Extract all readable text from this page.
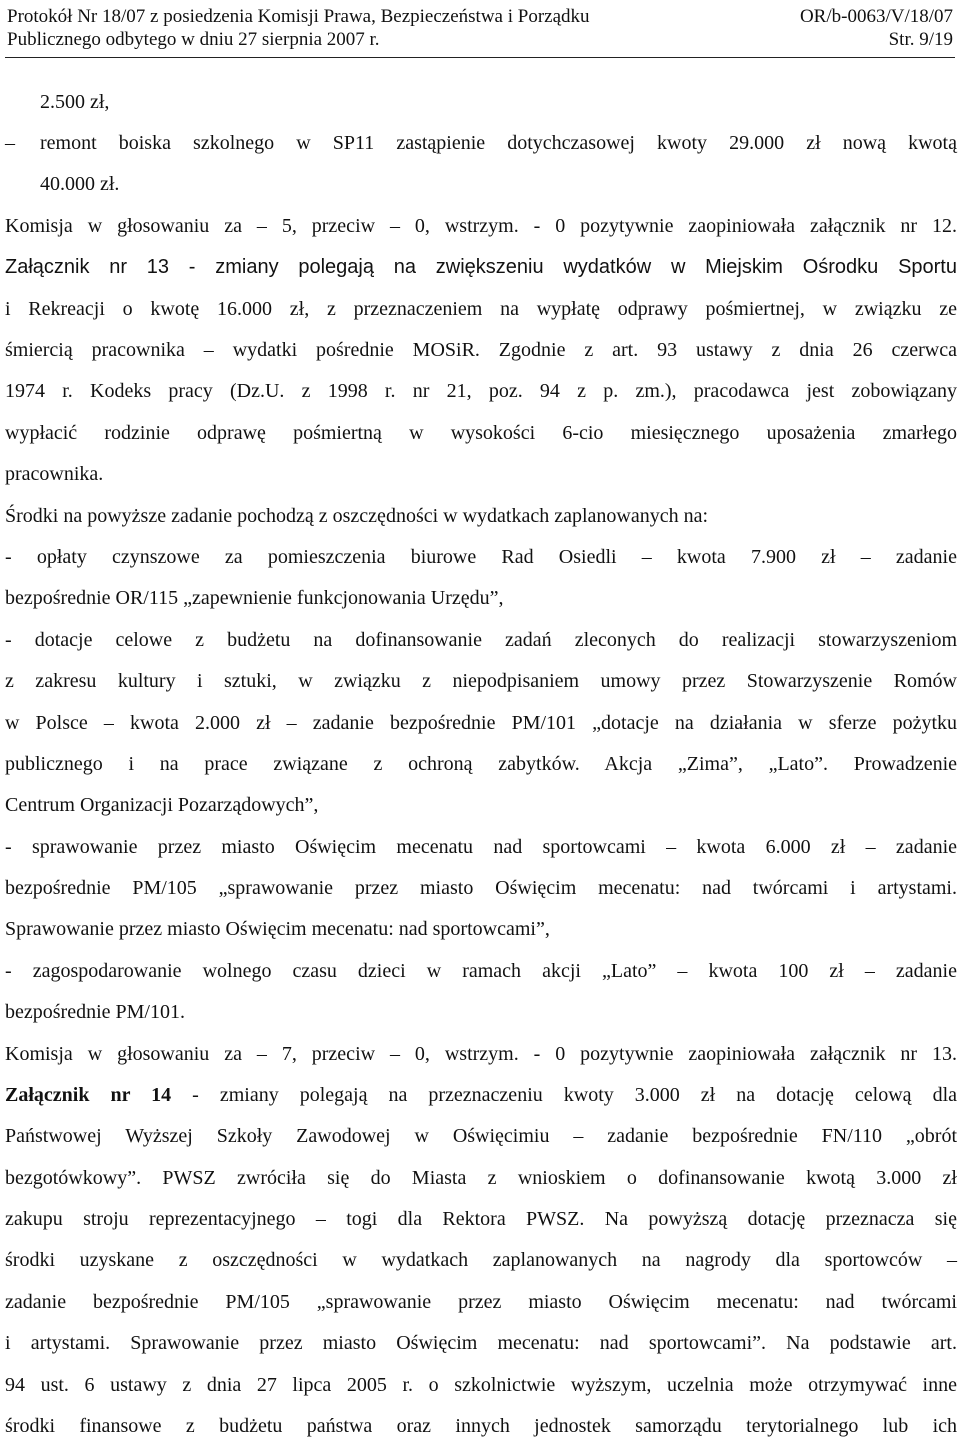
Protokół Nr 18/07 z posiedzenia Komisji Prawa, Bezpieczeństwa i Porządku	OR/b-0063/V/18/07
Publicznego odbytego w dniu 27 sierpnia 2007 r.	Str. 9/19
2.500 zł,
– remont boiska szkolnego w SP11 zastąpienie dotychczasowej kwoty 29.000 zł nową kwotą
40.000 zł.
Komisja w głosowaniu za – 5, przeciw – 0, wstrzym. - 0 pozytywnie zaopiniowała załącznik nr 12.
Załącznik nr 13 - zmiany polegają na zwiększeniu wydatków w Miejskim Ośrodku Sportu
i Rekreacji o kwotę 16.000 zł, z przeznaczeniem na wypłatę odprawy pośmiertnej, w związku ze
śmiercią pracownika – wydatki pośrednie MOSiR. Zgodnie z art. 93 ustawy z dnia 26 czerwca
1974 r. Kodeks pracy (Dz.U. z 1998 r. nr 21, poz. 94 z p. zm.), pracodawca jest zobowiązany
wypłacić rodzinie odprawę pośmiertną w wysokości 6-cio miesięcznego uposażenia zmarłego
pracownika.
Środki na powyższe zadanie pochodzą z oszczędności w wydatkach zaplanowanych na:
- opłaty czynszowe za pomieszczenia biurowe Rad Osiedli – kwota 7.900 zł – zadanie
bezpośrednie OR/115 „zapewnienie funkcjonowania Urzędu”,
- dotacje celowe z budżetu na dofinansowanie zadań zleconych do realizacji stowarzyszeniom
z zakresu kultury i sztuki, w związku z niepodpisaniem umowy przez Stowarzyszenie Romów
w Polsce – kwota 2.000 zł – zadanie bezpośrednie PM/101 „dotacje na działania w sferze pożytku
publicznego i na prace związane z ochroną zabytków. Akcja „Zima”, „Lato”. Prowadzenie
Centrum Organizacji Pozarządowych”,
- sprawowanie przez miasto Oświęcim mecenatu nad sportowcami – kwota 6.000 zł – zadanie
bezpośrednie PM/105 „sprawowanie przez miasto Oświęcim mecenatu: nad twórcami i artystami.
Sprawowanie przez miasto Oświęcim mecenatu: nad sportowcami”,
- zagospodarowanie wolnego czasu dzieci w ramach akcji „Lato” – kwota 100 zł – zadanie
bezpośrednie PM/101.
Komisja w głosowaniu za – 7, przeciw – 0, wstrzym. - 0 pozytywnie zaopiniowała załącznik nr 13.
Załącznik nr 14 - zmiany polegają na przeznaczeniu kwoty 3.000 zł na dotację celową dla
Państwowej Wyższej Szkoły Zawodowej w Oświęcimiu – zadanie bezpośrednie FN/110 „obrót
bezgotówkowy”. PWSZ zwróciła się do Miasta z wnioskiem o dofinansowanie kwotą 3.000 zł
zakupu stroju reprezentacyjnego – togi dla Rektora PWSZ. Na powyższą dotację przeznacza się
środki uzyskane z oszczędności w wydatkach zaplanowanych na nagrody dla sportowców –
zadanie bezpośrednie PM/105 „sprawowanie przez miasto Oświęcim mecenatu: nad twórcami
i artystami. Sprawowanie przez miasto Oświęcim mecenatu: nad sportowcami”. Na podstawie art.
94 ust. 6 ustawy z dnia 27 lipca 2005 r. o szkolnictwie wyższym, uczelnia może otrzymywać inne
środki finansowe z budżetu państwa oraz innych jednostek samorządu terytorialnego lub ich
